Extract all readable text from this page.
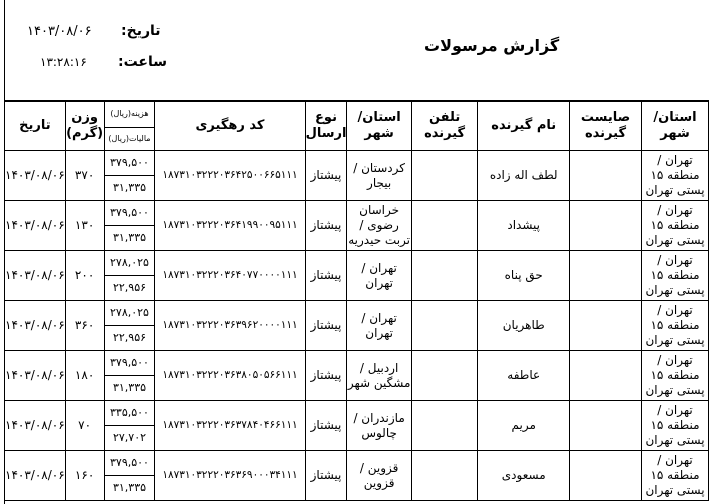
تاریخ:
۱۴۰۳/۰۸/۰۶
ساعت:
۱۳:۲۸:۱۶
گزارش مرسولات
تاریخ	وزن (گرم)	هزینه(ریال)	کد رهگیری	نوع ارسال	استان/ شهر	تلفن گیرنده	نام گیرنده	صایست گیرنده	استان/ شهر
		مالیات(ریال)							
۱۴۰۳/۰۸/۰۶	۳۷۰	۳۷۹,۵۰۰	۱۸۷۳۱۰۳۲۲۲۰۳۶۴۲۵۰۰۶۶۵۱۱۱	پیشتاز	کردستان / بیجار		لطف اله زاده		تهران / منطقه ۱۵ پستی تهران
		۳۱,۳۳۵							
۱۴۰۳/۰۸/۰۶	۱۳۰	۳۷۹,۵۰۰	۱۸۷۳۱۰۳۲۲۲۰۳۶۴۱۹۹۰۰۹۵۱۱۱	پیشتاز	خراسان رضوی / تربت حیدریه		پیشداد		تهران / منطقه ۱۵ پستی تهران
		۳۱,۳۳۵							
۱۴۰۳/۰۸/۰۶	۲۰۰	۲۷۸,۰۲۵	۱۸۷۳۱۰۳۲۲۲۰۳۶۴۰۷۷۰۰۰۰۱۱۱	پیشتاز	تهران / تهران		حق پناه		تهران / منطقه ۱۵ پستی تهران
		۲۲,۹۵۶							
۱۴۰۳/۰۸/۰۶	۳۶۰	۲۷۸,۰۲۵	۱۸۷۳۱۰۳۲۲۲۰۳۶۳۹۶۲۰۰۰۰۱۱۱	پیشتاز	تهران / تهران		طاهریان		تهران / منطقه ۱۵ پستی تهران
		۲۲,۹۵۶							
۱۴۰۳/۰۸/۰۶	۱۸۰	۳۷۹,۵۰۰	۱۸۷۳۱۰۳۲۲۲۰۳۶۳۸۰۵۰۵۶۶۱۱۱	پیشتاز	اردبیل / مشگین شهر		عاطفه		تهران / منطقه ۱۵ پستی تهران
		۳۱,۳۳۵							
۱۴۰۳/۰۸/۰۶	۷۰	۳۳۵,۵۰۰	۱۸۷۳۱۰۳۲۲۲۰۳۶۳۷۸۴۰۴۶۶۱۱۱	پیشتاز	مازندران / چالوس		مریم		تهران / منطقه ۱۵ پستی تهران
		۲۷,۷۰۲							
۱۴۰۳/۰۸/۰۶	۱۶۰	۳۷۹,۵۰۰	۱۸۷۳۱۰۳۲۲۲۰۳۶۳۶۹۰۰۰۳۴۱۱۱	پیشتاز	قزوین / قزوین		مسعودی		تهران / منطقه ۱۵ پستی تهران
		۳۱,۳۳۵							
